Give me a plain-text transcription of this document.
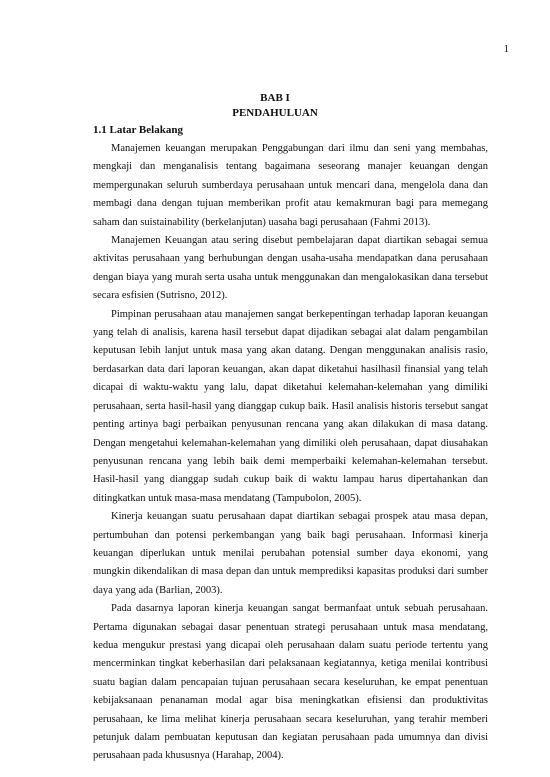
1
BAB I
PENDAHULUAN
1.1 Latar Belakang

Manajemen keuangan merupakan Penggabungan dari ilmu dan seni yang membahas, mengkaji dan menganalisis tentang bagaimana seseorang manajer keuangan dengan mempergunakan seluruh sumberdaya perusahaan untuk mencari dana, mengelola dana dan membagi dana dengan tujuan memberikan profit atau kemakmuran bagi para memegang saham dan suistainability (berkelanjutan) uasaha bagi perusahaan (Fahmi 2013).

Manajemen Keuangan atau sering disebut pembelajaran dapat diartikan sebagai semua aktivitas perusahaan yang berhubungan dengan usaha-usaha mendapatkan dana perusahaan dengan biaya yang murah serta usaha untuk menggunakan dan mengalokasikan dana tersebut secara esfisien (Sutrisno, 2012).

Pimpinan perusahaan atau manajemen sangat berkepentingan terhadap laporan keuangan yang telah di analisis, karena hasil tersebut dapat dijadikan sebagai alat dalam pengambilan keputusan lebih lanjut untuk masa yang akan datang. Dengan menggunakan analisis rasio, berdasarkan data dari laporan keuangan, akan dapat diketahui hasilhasil finansial yang telah dicapai di waktu-waktu yang lalu, dapat diketahui kelemahan-kelemahan yang dimiliki perusahaan, serta hasil-hasil yang dianggap cukup baik. Hasil analisis historis tersebut sangat penting artinya bagi perbaikan penyusunan rencana yang akan dilakukan di masa datang. Dengan mengetahui kelemahan-kelemahan yang dimiliki oleh perusahaan, dapat diusahakan penyusunan rencana yang lebih baik demi memperbaiki kelemahan-kelemahan tersebut. Hasil-hasil yang dianggap sudah cukup baik di waktu lampau harus dipertahankan dan ditingkatkan untuk masa-masa mendatang (Tampubolon, 2005).

Kinerja keuangan suatu perusahaan dapat diartikan sebagai prospek atau masa depan, pertumbuhan dan potensi perkembangan yang baik bagi perusahaan. Informasi kinerja keuangan diperlukan untuk menilai perubahan potensial sumber daya ekonomi, yang mungkin dikendalikan di masa depan dan untuk memprediksi kapasitas produksi dari sumber daya yang ada (Barlian, 2003).

Pada dasarnya laporan kinerja keuangan sangat bermanfaat untuk sebuah perusahaan. Pertama digunakan sebagai dasar penentuan strategi perusahaan untuk masa mendatang, kedua mengukur prestasi yang dicapai oleh perusahaan dalam suatu periode tertentu yang mencerminkan tingkat keberhasilan dari pelaksanaan kegiatannya, ketiga menilai kontribusi suatu bagian dalam pencapaian tujuan perusahaan secara keseluruhan, ke empat penentuan kebijaksanaan penanaman modal agar bisa meningkatkan efisiensi dan produktivitas perusahaan, ke lima melihat kinerja perusahaan secara keseluruhan, yang terahir memberi petunjuk dalam pembuatan keputusan dan kegiatan perusahaan pada umumnya dan divisi perusahaan pada khususnya (Harahap, 2004).
